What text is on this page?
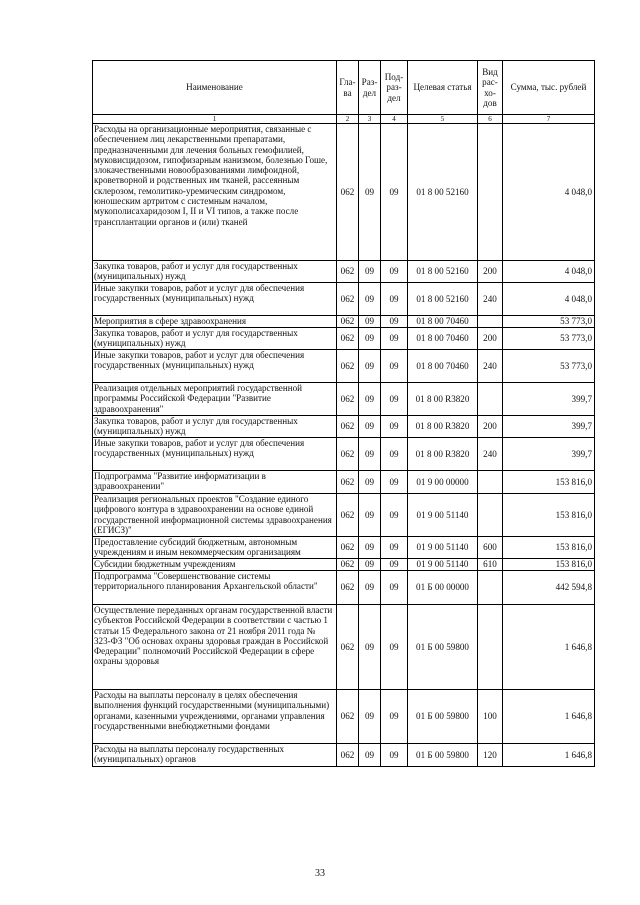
Наименование	Гла-ва	Раз-дел	Под-раз-дел	Целевая статья	Вид рас-хо-дов	Сумма, тыс. рублей
1	2	3	4	5	6	7
Расходы на организационные мероприятия, связанные с обеспечением лиц лекарственными препаратами, предназначенными для лечения больных гемофилией, муковисцидозом, гипофизарным нанизмом, болезнью Гоше, злокачественными новообразованиями лимфоидной, кроветворной и родственных им тканей, рассеянным склерозом, гемолитико-уремическим синдромом, юношеским артритом с системным началом, мукополисахаридозом I, II и VI типов, а также после трансплантации органов и (или) тканей	062	09	09	01 8 00 52160		4 048,0
Закупка товаров, работ и услуг для государственных (муниципальных) нужд	062	09	09	01 8 00 52160	200	4 048,0
Иные закупки товаров, работ и услуг для обеспечения государственных (муниципальных) нужд	062	09	09	01 8 00 52160	240	4 048,0
Мероприятия в сфере здравоохранения	062	09	09	01 8 00 70460		53 773,0
Закупка товаров, работ и услуг для государственных (муниципальных) нужд	062	09	09	01 8 00 70460	200	53 773,0
Иные закупки товаров, работ и услуг для обеспечения государственных (муниципальных) нужд	062	09	09	01 8 00 70460	240	53 773,0
Реализация отдельных мероприятий государственной программы Российской Федерации "Развитие здравоохранения"	062	09	09	01 8 00 R3820		399,7
Закупка товаров, работ и услуг для государственных (муниципальных) нужд	062	09	09	01 8 00 R3820	200	399,7
Иные закупки товаров, работ и услуг для обеспечения государственных (муниципальных) нужд	062	09	09	01 8 00 R3820	240	399,7
Подпрограмма "Развитие информатизации в здравоохранении"	062	09	09	01 9 00 00000		153 816,0
Реализация региональных проектов "Создание единого цифрового контура в здравоохранении на основе единой государственной информационной системы здравоохранения (ЕГИСЗ)"	062	09	09	01 9 00 51140		153 816,0
Предоставление субсидий бюджетным, автономным учреждениям и иным некоммерческим организациям	062	09	09	01 9 00 51140	600	153 816,0
Субсидии бюджетным учреждениям	062	09	09	01 9 00 51140	610	153 816,0
Подпрограмма "Совершенствование системы территориального планирования Архангельской области"	062	09	09	01 Б 00 00000		442 594,8
Осуществление переданных органам государственной власти субъектов Российской Федерации в соответствии с частью 1 статьи 15 Федерального закона от 21 ноября 2011 года № 323-ФЗ "Об основах охраны здоровья граждан в Российской Федерации" полномочий Российской Федерации в сфере охраны здоровья	062	09	09	01 Б 00 59800		1 646,8
Расходы на выплаты персоналу в целях обеспечения выполнения функций государственными (муниципальными) органами, казенными учреждениями, органами управления государственными внебюджетными фондами	062	09	09	01 Б 00 59800	100	1 646,8
Расходы на выплаты персоналу государственных (муниципальных) органов	062	09	09	01 Б 00 59800	120	1 646,8
33
